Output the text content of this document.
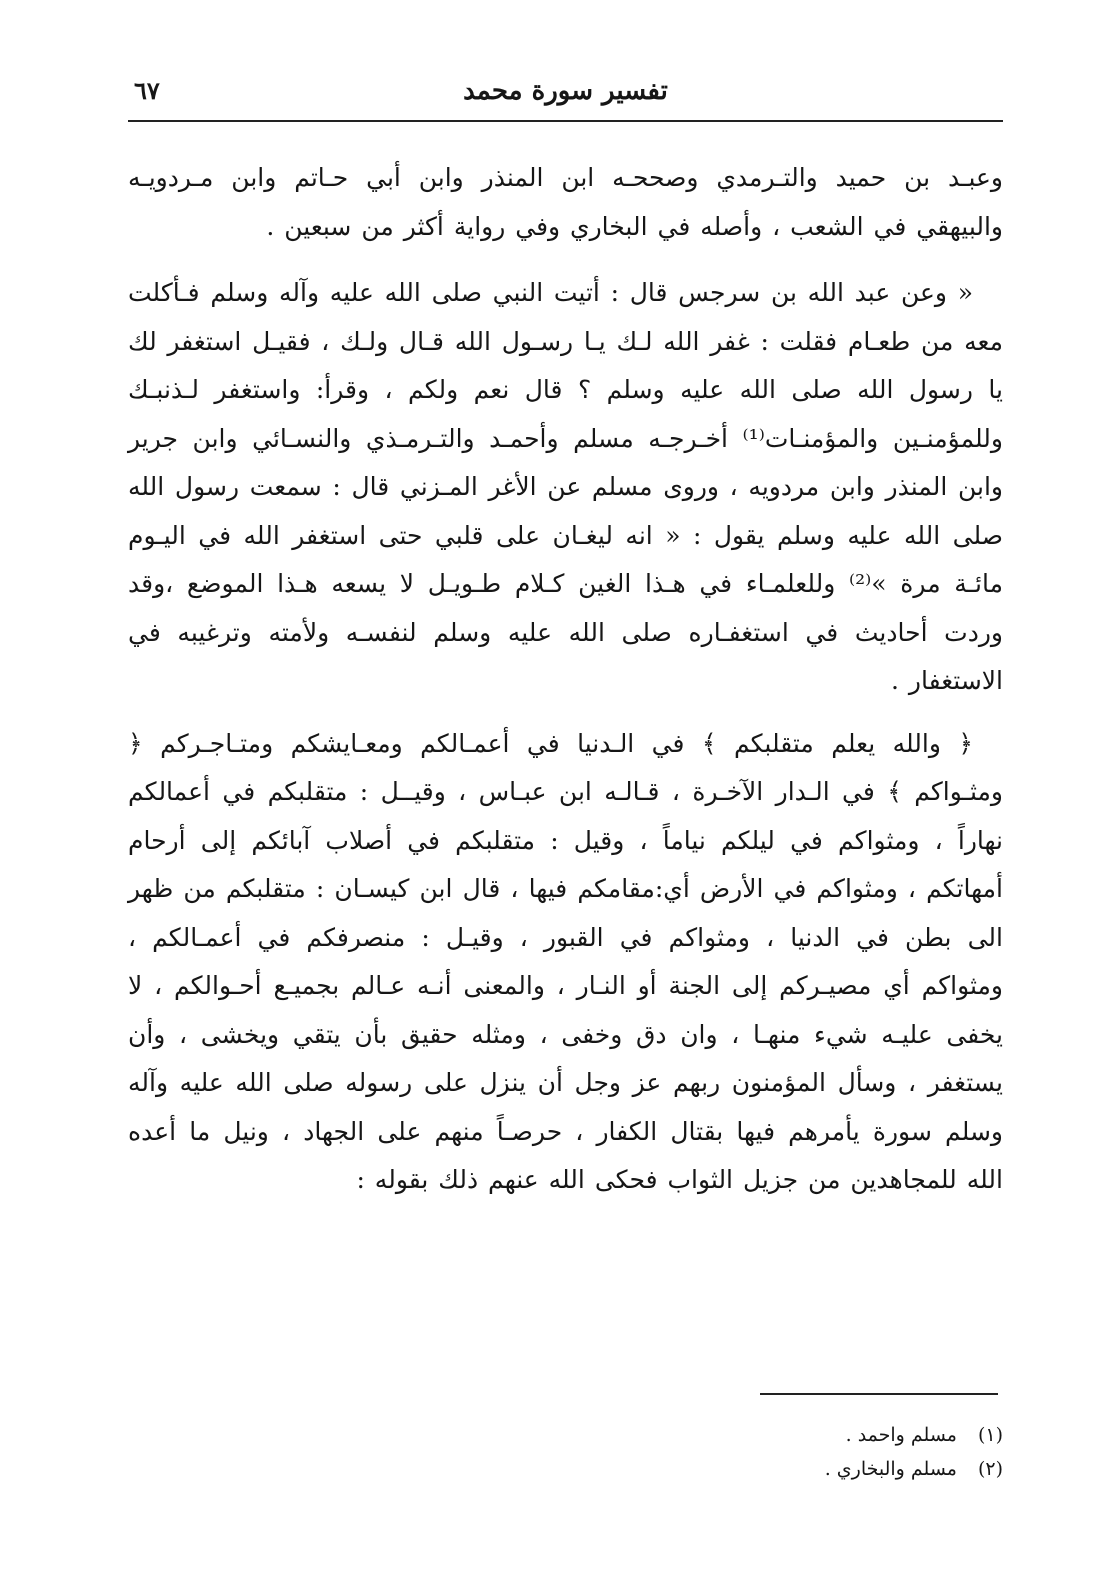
تفسير سورة محمد
٦٧

وعبـد بن حميد والتـرمدي وصححـه ابن المنذر وابن أبي حـاتم وابن مـردويـه والبيهقي في الشعب ، وأصله في البخاري وفي رواية أكثر من سبعين .

« وعن عبد الله بن سرجس قال : أتيت النبي صلى الله عليه وآله وسلم فـأكلت معه من طعـام فقلت : غفر الله لـك يـا رسـول الله قـال ولـك ، فقيـل استغفر لك يا رسول الله صلى الله عليه وسلم ؟ قال نعم ولكم ، وقرأ: واستغفر لـذنبـك وللمؤمنـين والمؤمنـات⁽¹⁾ أخـرجـه مسلم وأحمـد والتـرمـذي والنسـائي وابن جرير وابن المنذر وابن مردويه ، وروى مسلم عن الأغر المـزني قال : سمعت رسول الله صلى الله عليه وسلم يقول : « انه ليغـان على قلبي حتى استغفر الله في اليـوم مائـة مرة »⁽²⁾ وللعلمـاء في هـذا الغين كـلام طـويـل لا يسعه هـذا الموضع ،وقد وردت أحاديث في استغفـاره صلى الله عليه وسلم لنفسـه ولأمته وترغيبه في الاستغفار .

﴿ والله يعلم متقلبكم ﴾ في الـدنيا في أعمـالكم ومعـايشكم ومتـاجـركم ﴿ ومثـواكم ﴾ في الـدار الآخـرة ، قـالـه ابن عبـاس ، وقيــل : متقلبكم في أعمالكم نهاراً ، ومثواكم في ليلكم نياماً ، وقيل : متقلبكم في أصلاب آبائكم إلى أرحام أمهاتكم ، ومثواكم في الأرض أي:مقامكم فيها ، قال ابن كيسـان : متقلبكم من ظهر الى بطن في الدنيا ، ومثواكم في القبور ، وقيـل : منصرفكم في أعمـالكم ، ومثواكم أي مصيـركم إلى الجنة أو النـار ، والمعنى أنـه عـالم بجميـع أحـوالكم ، لا يخفى عليـه شيء منهـا ، وان دق وخفى ، ومثله حقيق بأن يتقي ويخشى ، وأن يستغفر ، وسأل المؤمنون ربهم عز وجل أن ينزل على رسوله صلى الله عليه وآله وسلم سورة يأمرهم فيها بقتال الكفار ، حرصـاً منهم على الجهاد ، ونيل ما أعده الله للمجاهدين من جزيل الثواب فحكى الله عنهم ذلك بقوله :

(١) مسلم واحمد .
(٢) مسلم والبخاري .
